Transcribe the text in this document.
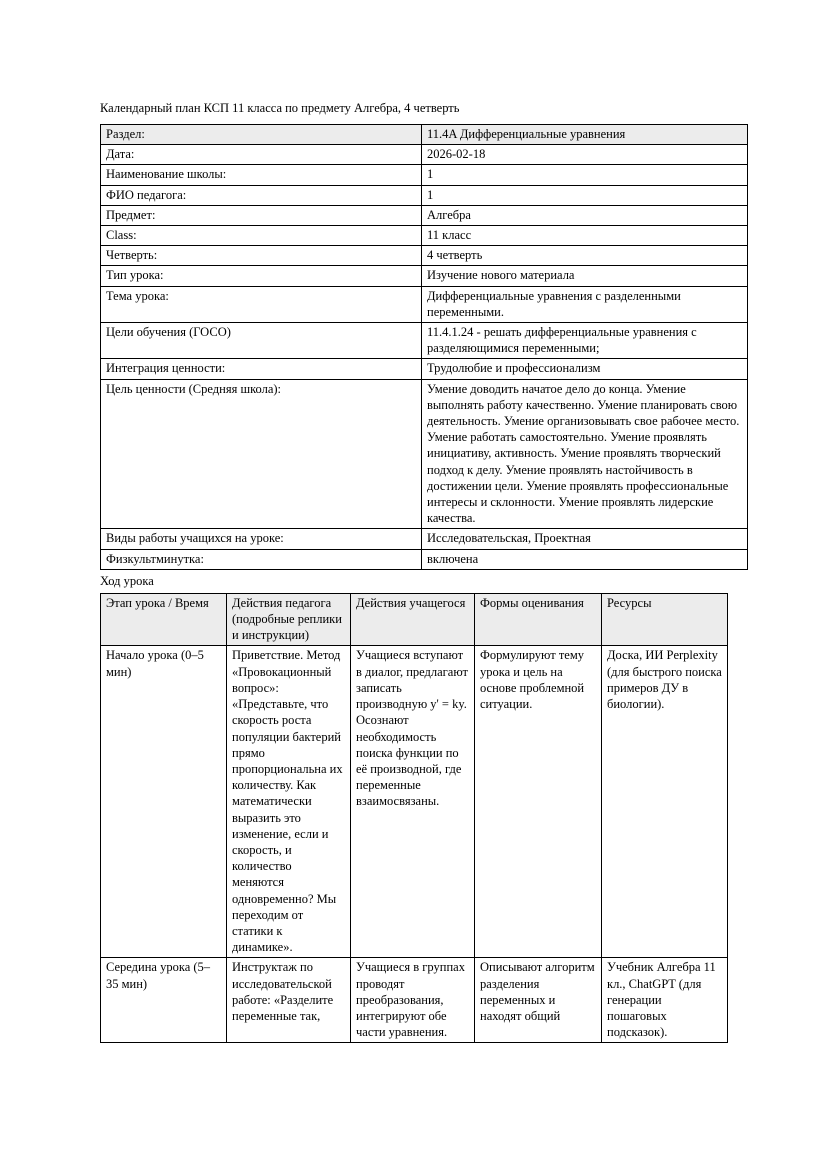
Календарный план КСП 11 класса по предмету Алгебра, 4 четверть
Раздел:	11.4A Дифференциальные уравнения
Дата:	2026-02-18
Наименование школы:	1
ФИО педагога:	1
Предмет:	Алгебра
Class:	11 класс
Четверть:	4 четверть
Тип урока:	Изучение нового материала
Тема урока:	Дифференциальные уравнения с разделенными переменными.
Цели обучения (ГОСО)	11.4.1.24 - решать дифференциальные уравнения с разделяющимися переменными;
Интеграция ценности:	Трудолюбие и профессионализм
Цель ценности (Средняя школа):	Умение доводить начатое дело до конца. Умение выполнять работу качественно. Умение планировать свою деятельность. Умение организовывать свое рабочее место. Умение работать самостоятельно. Умение проявлять инициативу, активность. Умение проявлять творческий подход к делу. Умение проявлять настойчивость в достижении цели. Умение проявлять профессиональные интересы и склонности. Умение проявлять лидерские качества.
Виды работы учащихся на уроке:	Исследовательская, Проектная
Физкультминутка:	включена
Ход урока
Этап урока / Время	Действия педагога (подробные реплики и инструкции)	Действия учащегося	Формы оценивания	Ресурсы
Начало урока (0–5 мин)	Приветствие. Метод «Провокационный вопрос»: «Представьте, что скорость роста популяции бактерий прямо пропорциональна их количеству. Как математически выразить это изменение, если и скорость, и количество меняются одновременно? Мы переходим от статики к динамике».	Учащиеся вступают в диалог, предлагают записать производную y' = ky. Осознают необходимость поиска функции по её производной, где переменные взаимосвязаны.	Формулируют тему урока и цель на основе проблемной ситуации.	Доска, ИИ Perplexity (для быстрого поиска примеров ДУ в биологии).
Середина урока (5–35 мин)	Инструктаж по исследовательской работе: «Разделите переменные так,	Учащиеся в группах проводят преобразования, интегрируют обе части уравнения.	Описывают алгоритм разделения переменных и находят общий	Учебник Алгебра 11 кл., ChatGPT (для генерации пошаговых подсказок).
